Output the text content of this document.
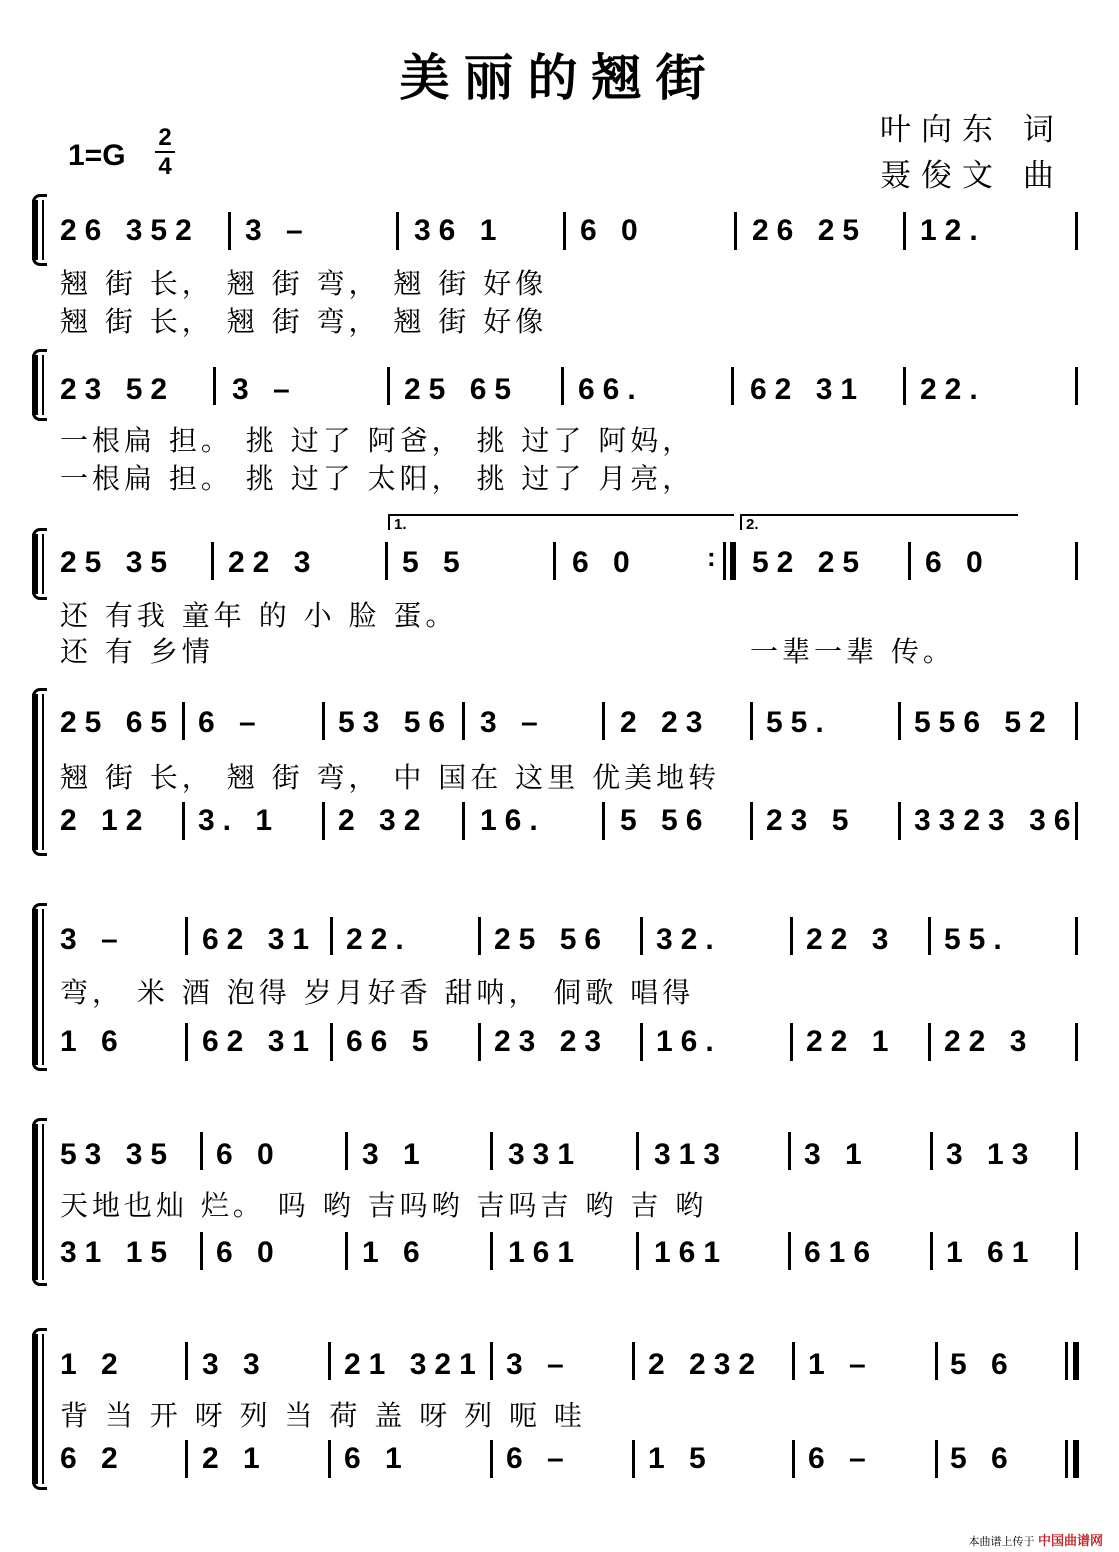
美丽的翘街
叶向东 词
聂俊文 曲
1=G
2
4
26 352 3 –	36 1	6 0	26 25 12.
翘 街 长， 翘 街 弯， 翘 街 好像
翘 街 长， 翘 街 弯， 翘 街 好像
23 52 3 –	25 65 66.	62 31 22.
一根扁 担。 挑 过了 阿爸， 挑 过了 阿妈，
一根扁 担。 挑 过了 太阳， 挑 过了 月亮，
1.	2.
:
25 35 22 3	5 5	6 0	52 25 6 0
还 有我 童年 的 小 脸 蛋。
还 有 乡情	一辈一辈 传。
25 65 6 – 53 56 3 – 2 23 55.	556 52
翘 街 长， 翘 街 弯， 中 国在 这里 优美地转
2 12 3. 1 2 32 16. 5 56 23 5 3323 36
3 –	62 31 22.	25 56 32.	22 3 55.
弯， 米 酒 泡得 岁月好香 甜呐， 侗歌 唱得
1 6	62 31 66 5 23 23 16.	22 1 22 3
53 35 6 0	3 1	331 313	3 1	3 13
天地也灿 烂。 吗 哟 吉吗哟 吉吗吉 哟 吉 哟
31 15 6 0	1 6	161 161	616 1 61
1 2	3 3	21 321 3 –	2 232 1 –	5 6
背 当 开 呀 列 当 荷 盖 呀 列 呃 哇
6 2	2 1	6 1	6 –	1 5	6 –	5 6
本曲谱上传于 中国曲谱网
